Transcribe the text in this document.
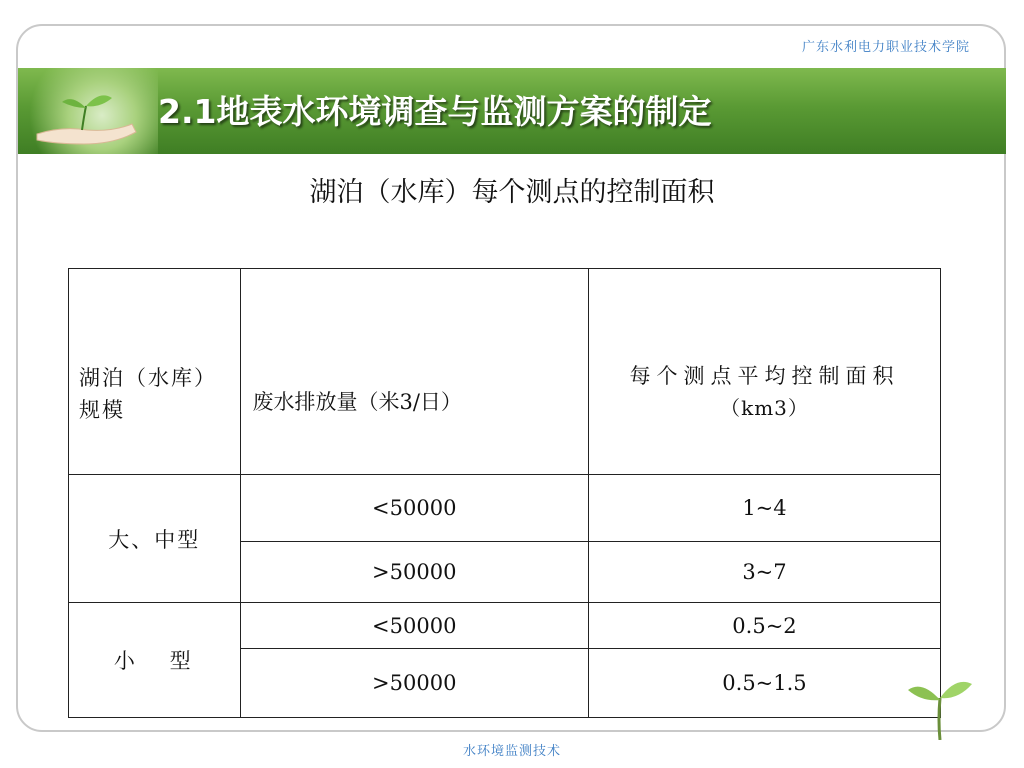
广东水利电力职业技术学院
2.1地表水环境调查与监测方案的制定
湖泊（水库）每个测点的控制面积
湖泊（水库）规模	废水排放量（米3/日）	每个测点平均控制面积
（km3）

大、中型	<50000	1~4
	>50000	3~7
小 型	<50000	0.5~2
	>50000	0.5~1.5
水环境监测技术
